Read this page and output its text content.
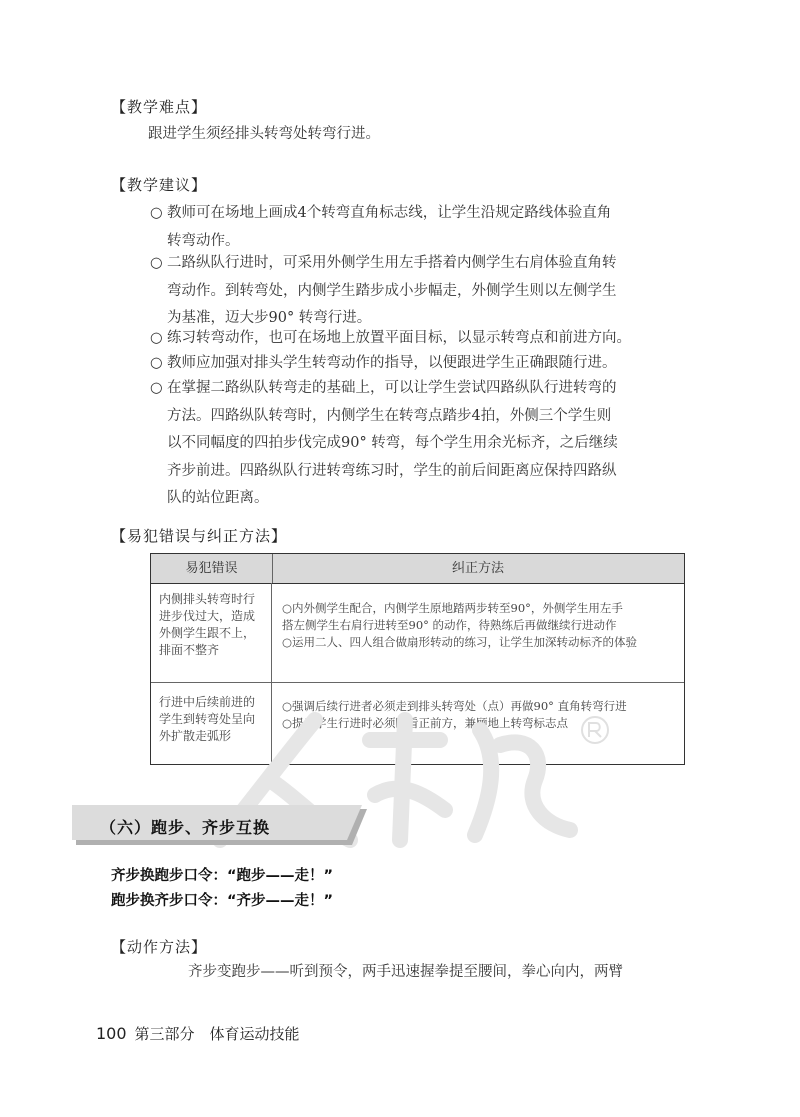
【教学难点】
跟进学生须经排头转弯处转弯行进。
【教学建议】
○ 教师可在场地上画成4个转弯直角标志线，让学生沿规定路线体验直角
转弯动作。
○ 二路纵队行进时，可采用外侧学生用左手搭着内侧学生右肩体验直角转
弯动作。到转弯处，内侧学生踏步成小步幅走，外侧学生则以左侧学生
为基准，迈大步90° 转弯行进。
○ 练习转弯动作，也可在场地上放置平面目标，以显示转弯点和前进方向。
○ 教师应加强对排头学生转弯动作的指导，以便跟进学生正确跟随行进。
○ 在掌握二路纵队转弯走的基础上，可以让学生尝试四路纵队行进转弯的
方法。四路纵队转弯时，内侧学生在转弯点踏步4拍，外侧三个学生则
以不同幅度的四拍步伐完成90° 转弯，每个学生用余光标齐，之后继续
齐步前进。四路纵队行进转弯练习时，学生的前后间距离应保持四路纵
队的站位距离。
【易犯错误与纠正方法】
易犯错误	纠正方法
内侧排头转弯时行
进步伐过大，造成
外侧学生跟不上，
排面不整齐
○内外侧学生配合，内侧学生原地踏两步转至90°，外侧学生用左手
搭左侧学生右肩行进转至90° 的动作，待熟练后再做继续行进动作
○运用二人、四人组合做扇形转动的练习，让学生加深转动标齐的体验
行进中后续前进的
学生到转弯处呈向
外扩散走弧形
○强调后续行进者必须走到排头转弯处（点）再做90° 直角转弯行进
○提示学生行进时必须眼看正前方，兼顾地上转弯标志点
（六）跑步、齐步互换
齐步换跑步口令：“跑步——走！”
跑步换齐步口令：“齐步——走！”
【动作方法】
齐步变跑步——听到预令，两手迅速握拳提至腰间，拳心向内，两臂
100 第三部分　体育运动技能
